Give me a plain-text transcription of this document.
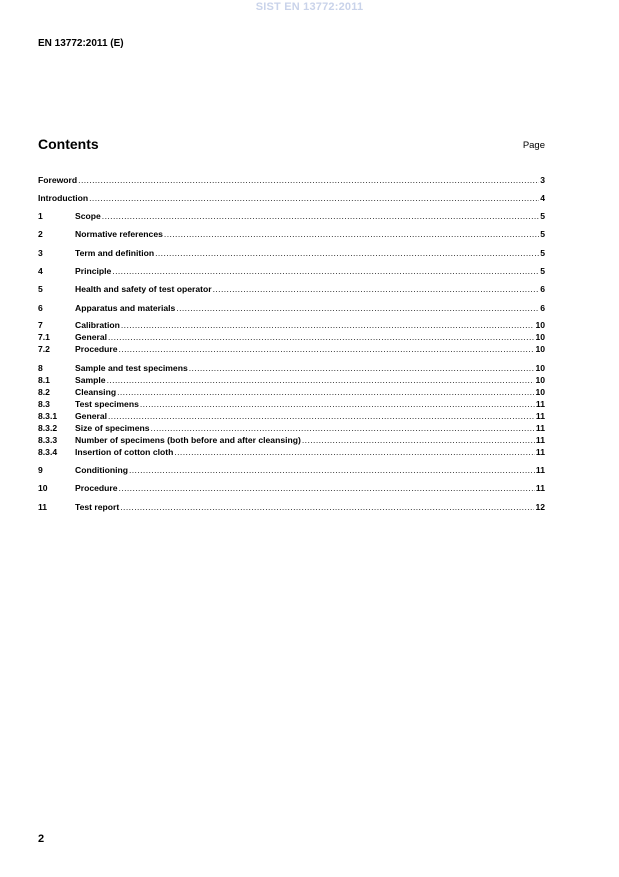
SIST EN 13772:2011
EN 13772:2011 (E)
Contents	Page
Foreword .....	3
Introduction .....	4
1	Scope .....	5
2	Normative references .....	5
3	Term and definition .....	5
4	Principle .....	5
5	Health and safety of test operator .....	6
6	Apparatus and materials .....	6
7	Calibration .....	10
7.1	General .....	10
7.2	Procedure .....	10
8	Sample and test specimens .....	10
8.1	Sample .....	10
8.2	Cleansing .....	10
8.3	Test specimens .....	11
8.3.1	General .....	11
8.3.2	Size of specimens .....	11
8.3.3	Number of specimens (both before and after cleansing) .....	11
8.3.4	Insertion of cotton cloth .....	11
9	Conditioning .....	11
10	Procedure .....	11
11	Test report .....	12
2
